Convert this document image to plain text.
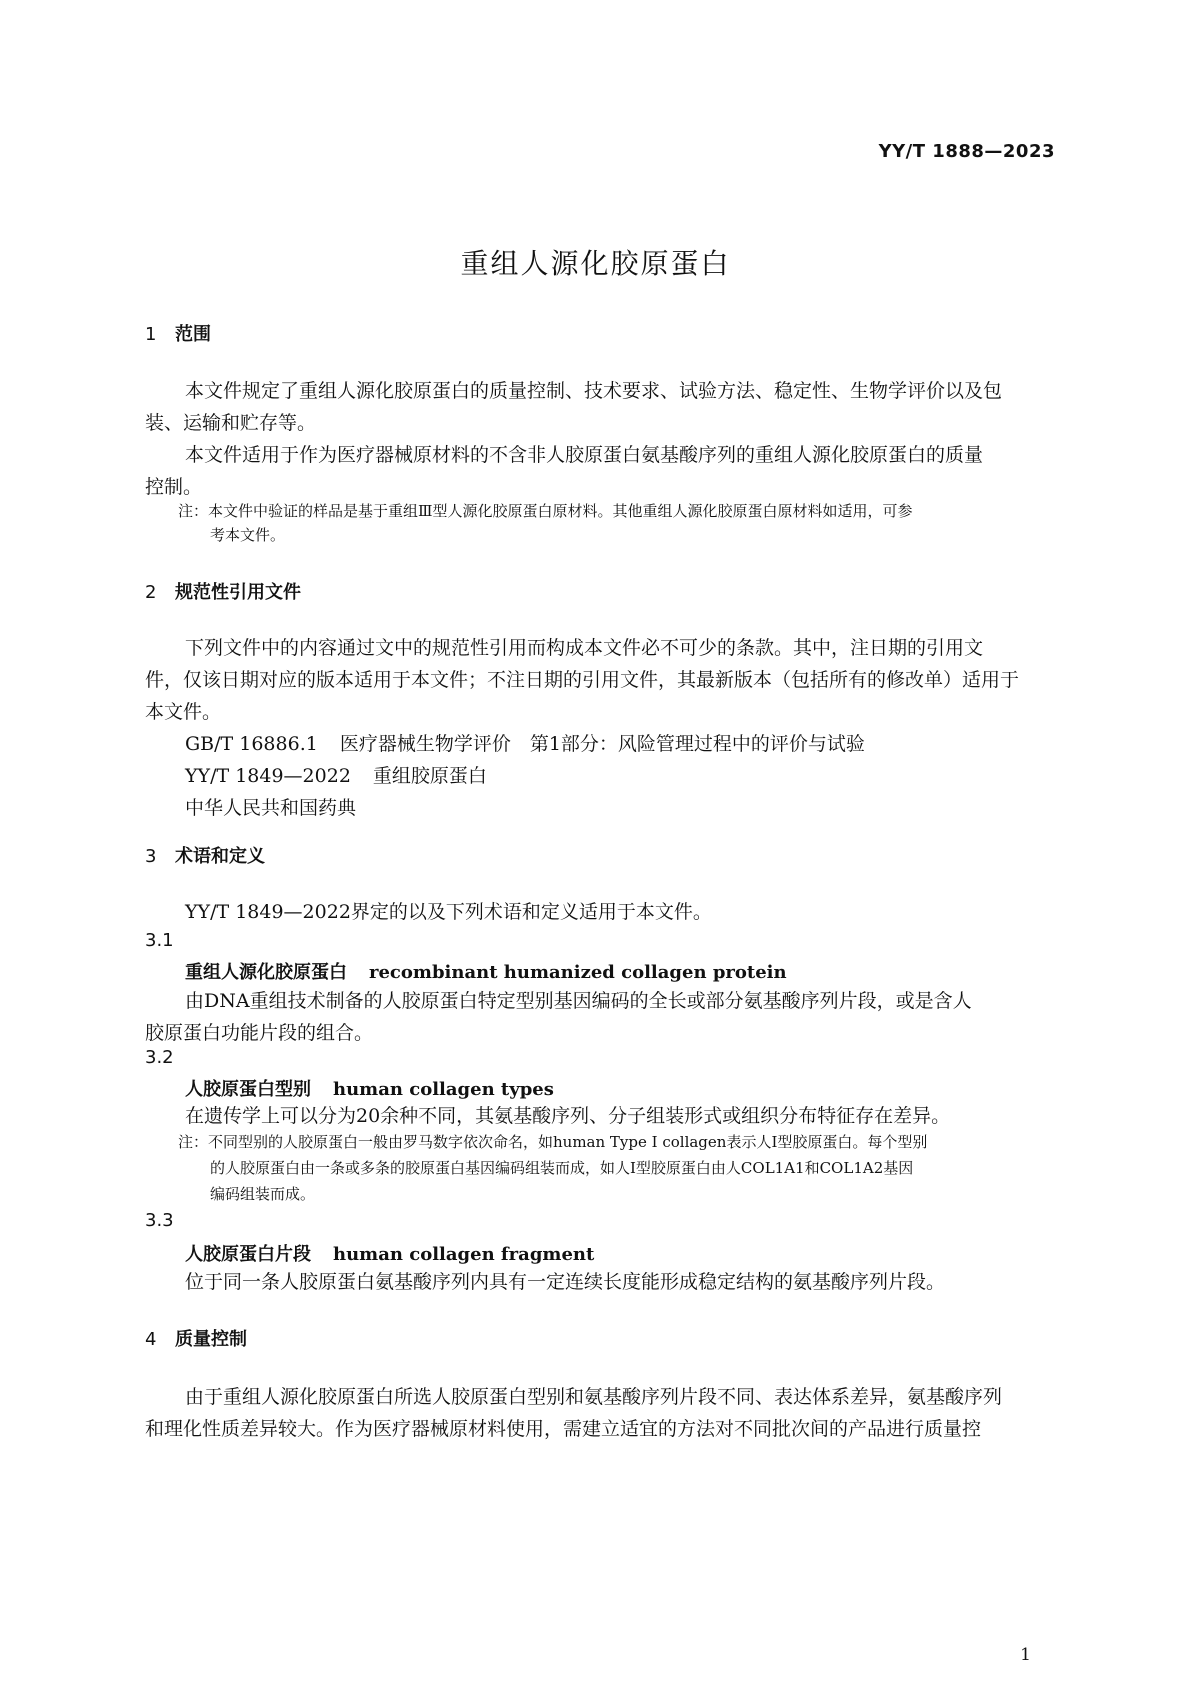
YY/T 1888—2023
重组人源化胶原蛋白
1 范围
本文件规定了重组人源化胶原蛋白的质量控制、技术要求、试验方法、稳定性、生物学评价以及包
装、运输和贮存等。
本文件适用于作为医疗器械原材料的不含非人胶原蛋白氨基酸序列的重组人源化胶原蛋白的质量
控制。
注：本文件中验证的样品是基于重组Ⅲ型人源化胶原蛋白原材料。其他重组人源化胶原蛋白原材料如适用，可参
考本文件。
2 规范性引用文件
下列文件中的内容通过文中的规范性引用而构成本文件必不可少的条款。其中，注日期的引用文
件，仅该日期对应的版本适用于本文件；不注日期的引用文件，其最新版本（包括所有的修改单）适用于
本文件。
GB/T 16886.1 医疗器械生物学评价　第1部分：风险管理过程中的评价与试验
YY/T 1849—2022 重组胶原蛋白
中华人民共和国药典
3 术语和定义
YY/T 1849—2022界定的以及下列术语和定义适用于本文件。
3.1
重组人源化胶原蛋白 recombinant humanized collagen protein
由DNA重组技术制备的人胶原蛋白特定型别基因编码的全长或部分氨基酸序列片段，或是含人
胶原蛋白功能片段的组合。
3.2
人胶原蛋白型别 human collagen types
在遗传学上可以分为20余种不同，其氨基酸序列、分子组装形式或组织分布特征存在差异。
注：不同型别的人胶原蛋白一般由罗马数字依次命名，如human Type Ⅰ collagen表示人Ⅰ型胶原蛋白。每个型别
的人胶原蛋白由一条或多条的胶原蛋白基因编码组装而成，如人Ⅰ型胶原蛋白由人COL1A1和COL1A2基因
编码组装而成。
3.3
人胶原蛋白片段 human collagen fragment
位于同一条人胶原蛋白氨基酸序列内具有一定连续长度能形成稳定结构的氨基酸序列片段。
4 质量控制
由于重组人源化胶原蛋白所选人胶原蛋白型别和氨基酸序列片段不同、表达体系差异，氨基酸序列
和理化性质差异较大。作为医疗器械原材料使用，需建立适宜的方法对不同批次间的产品进行质量控
1
